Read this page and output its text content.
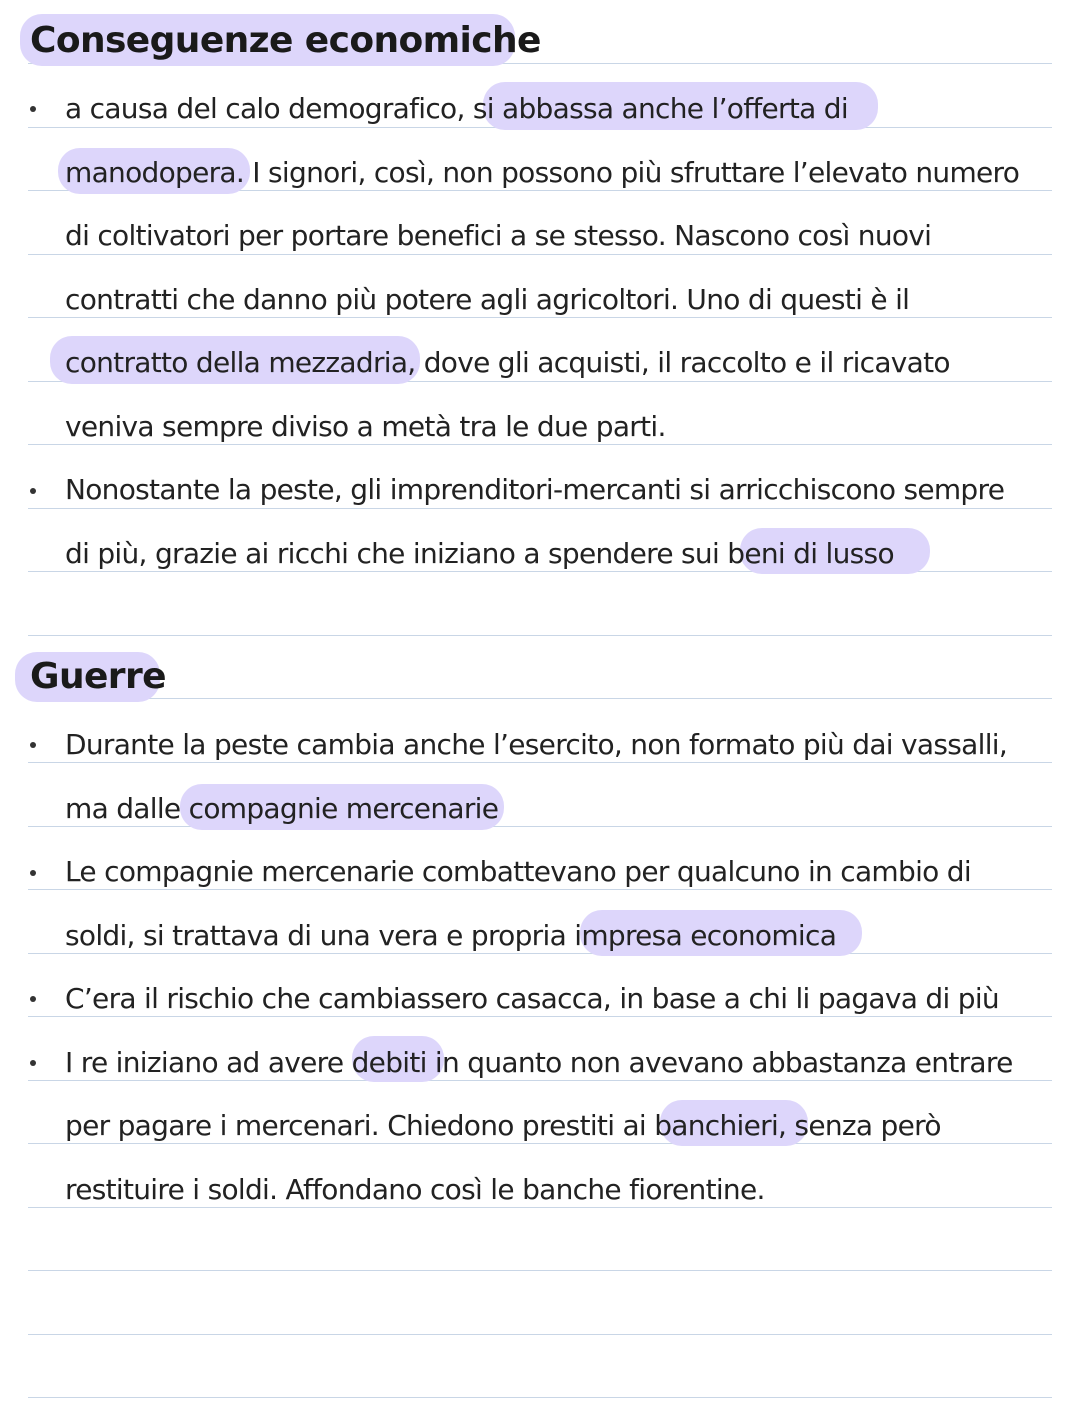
Conseguenze economiche
a causa del calo demografico, si abbassa anche l’offerta di
manodopera. I signori, così, non possono più sfruttare l’elevato numero
di coltivatori per portare benefici a se stesso. Nascono così nuovi
contratti che danno più potere agli agricoltori. Uno di questi è il
contratto della mezzadria, dove gli acquisti, il raccolto e il ricavato
veniva sempre diviso a metà tra le due parti.
Nonostante la peste, gli imprenditori-mercanti si arricchiscono sempre
di più, grazie ai ricchi che iniziano a spendere sui beni di lusso
Guerre
Durante la peste cambia anche l’esercito, non formato più dai vassalli,
ma dalle compagnie mercenarie
Le compagnie mercenarie combattevano per qualcuno in cambio di
soldi, si trattava di una vera e propria impresa economica
C’era il rischio che cambiassero casacca, in base a chi li pagava di più
I re iniziano ad avere debiti in quanto non avevano abbastanza entrare
per pagare i mercenari. Chiedono prestiti ai banchieri, senza però
restituire i soldi. Affondano così le banche fiorentine.
